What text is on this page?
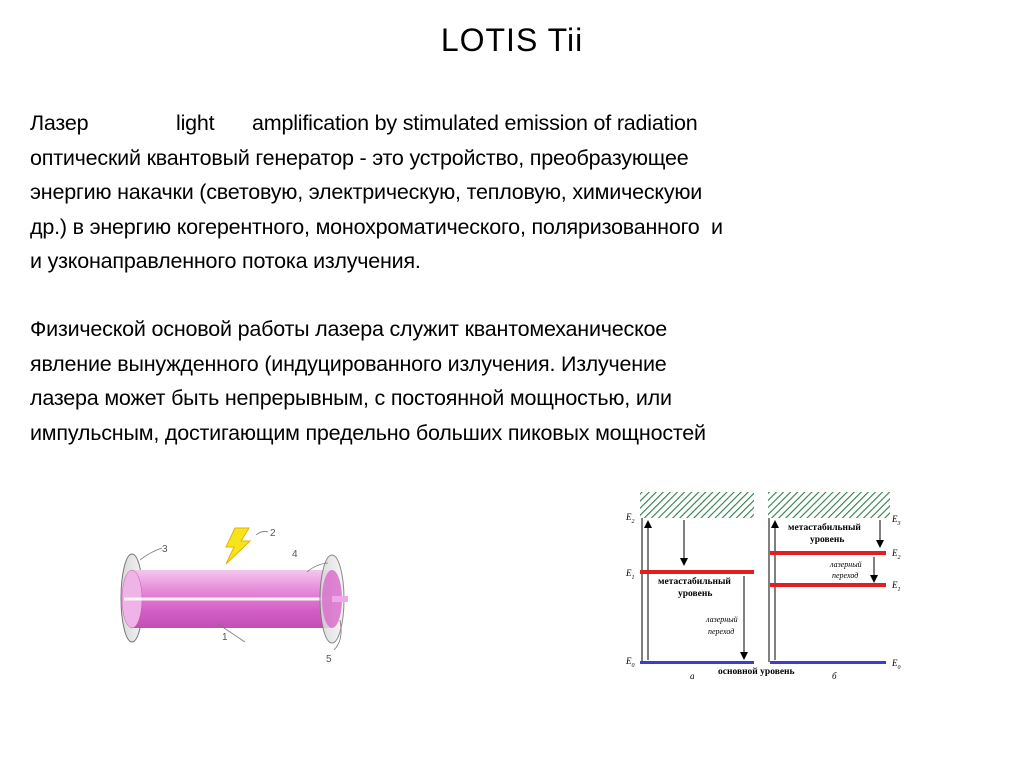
LOTIS Tii
Лазер	light amplification by stimulated emission of radiation
оптический квантовый генератор - это устройство, преобразующее
энергию накачки (световую, электрическую, тепловую, химическуюи
др.) в энергию когерентного, монохроматического, поляризованного  и
и узконаправленного потока излучения.
Физической основой работы лазера служит квантомеханическое
явление вынужденного (индуцированного излучения. Излучение
лазера может быть непрерывным, с постоянной мощностью, или
импульсным, достигающим предельно больших пиковых мощностей
1
2
3	4
5
$E_2$
$E_1$
$E_0$
метастабильный
уровень
лазерный
переход
а
$E_3$
$E_2$
$E_1$
$E_0$
метастабильный
уровень
лазерный
переход
б
основной уровень
